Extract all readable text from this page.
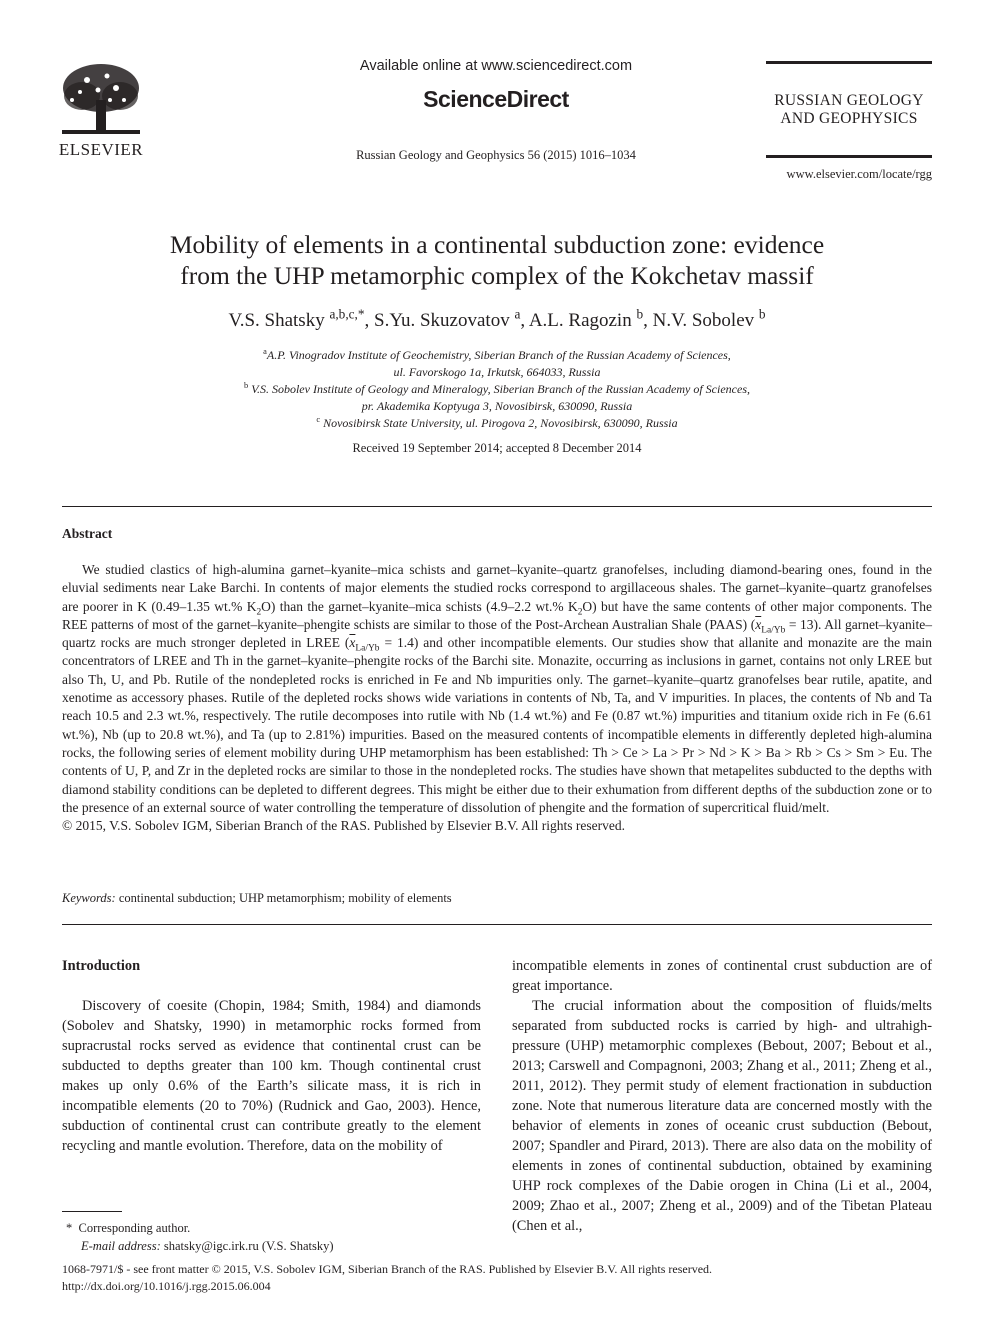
ELSEVIER
Available online at www.sciencedirect.com
ScienceDirect
Russian Geology and Geophysics 56 (2015) 1016–1034
RUSSIAN GEOLOGY
AND GEOPHYSICS
www.elsevier.com/locate/rgg
Mobility of elements in a continental subduction zone: evidence
from the UHP metamorphic complex of the Kokchetav massif
V.S. Shatsky $^{a,b,c,*}$, S.Yu. Skuzovatov $^a$, A.L. Ragozin $^b$, N.V. Sobolev $^b$
$^a$A.P. Vinogradov Institute of Geochemistry, Siberian Branch of the Russian Academy of Sciences,
ul. Favorskogo 1a, Irkutsk, 664033, Russia
$^b$ V.S. Sobolev Institute of Geology and Mineralogy, Siberian Branch of the Russian Academy of Sciences,
pr. Akademika Koptyuga 3, Novosibirsk, 630090, Russia
$^c$ Novosibirsk State University, ul. Pirogova 2, Novosibirsk, 630090, Russia
Received 19 September 2014; accepted 8 December 2014
Abstract

We studied clastics of high-alumina garnet–kyanite–mica schists and garnet–kyanite–quartz granofelses, including diamond-bearing ones, found in the eluvial sediments near Lake Barchi. In contents of major elements the studied rocks correspond to argillaceous shales. The garnet–kyanite–quartz granofelses are poorer in K (0.49–1.35 wt.% $K_2O$) than the garnet–kyanite–mica schists (4.9–2.2 wt.% $K_2O$) but have the same contents of other major components. The REE patterns of most of the garnet–kyanite–phengite schists are similar to those of the Post-Archean Australian Shale (PAAS) $(\overline{x}_{La/Yb} = 13)$. All garnet–kyanite–quartz rocks are much stronger depleted in LREE $(\overline{x}_{La/Yb} = 1.4)$ and other incompatible elements. Our studies show that allanite and monazite are the main concentrators of LREE and Th in the garnet–kyanite–phengite rocks of the Barchi site. Monazite, occurring as inclusions in garnet, contains not only LREE but also Th, U, and Pb. Rutile of the nondepleted rocks is enriched in Fe and Nb impurities only. The garnet–kyanite–quartz granofelses bear rutile, apatite, and xenotime as accessory phases. Rutile of the depleted rocks shows wide variations in contents of Nb, Ta, and V impurities. In places, the contents of Nb and Ta reach 10.5 and 2.3 wt.%, respectively. The rutile decomposes into rutile with Nb (1.4 wt.%) and Fe (0.87 wt.%) impurities and titanium oxide rich in Fe (6.61 wt.%), Nb (up to 20.8 wt.%), and Ta (up to 2.81%) impurities. Based on the measured contents of incompatible elements in differently depleted high-alumina rocks, the following series of element mobility during UHP metamorphism has been established: Th > Ce > La > Pr > Nd > K > Ba > Rb > Cs > Sm > Eu. The contents of U, P, and Zr in the depleted rocks are similar to those in the nondepleted rocks. The studies have shown that metapelites subducted to the depths with diamond stability conditions can be depleted to different degrees. This might be either due to their exhumation from different depths of the subduction zone or to the presence of an external source of water controlling the temperature of dissolution of phengite and the formation of supercritical fluid/melt.

© 2015, V.S. Sobolev IGM, Siberian Branch of the RAS. Published by Elsevier B.V. All rights reserved.

Keywords: continental subduction; UHP metamorphism; mobility of elements
Introduction

Discovery of coesite (Chopin, 1984; Smith, 1984) and diamonds (Sobolev and Shatsky, 1990) in metamorphic rocks formed from supracrustal rocks served as evidence that continental crust can be subducted to depths greater than 100 km. Though continental crust makes up only 0.6% of the Earth’s silicate mass, it is rich in incompatible elements (20 to 70%) (Rudnick and Gao, 2003). Hence, subduction of continental crust can contribute greatly to the element recycling and mantle evolution. Therefore, data on the mobility of

incompatible elements in zones of continental crust subduction are of great importance.

The crucial information about the composition of fluids/melts separated from subducted rocks is carried by high- and ultrahigh-pressure (UHP) metamorphic complexes (Bebout, 2007; Bebout et al., 2013; Carswell and Compagnoni, 2003; Zhang et al., 2011; Zheng et al., 2011, 2012). They permit study of element fractionation in subduction zone. Note that numerous literature data are concerned mostly with the behavior of elements in zones of oceanic crust subduction (Bebout, 2007; Spandler and Pirard, 2013). There are also data on the mobility of elements in zones of continental subduction, obtained by examining UHP rock complexes of the Dabie orogen in China (Li et al., 2004, 2009; Zhao et al., 2007; Zheng et al., 2009) and of the Tibetan Plateau (Chen et al.,

* Corresponding author.
E-mail address: shatsky@igc.irk.ru (V.S. Shatsky)
1068-7971/$ - see front matter © 2015, V.S. Sobolev IGM, Siberian Branch of the RAS. Published by Elsevier B.V. All rights reserved.
http://dx.doi.org/10.1016/j.rgg.2015.06.004
